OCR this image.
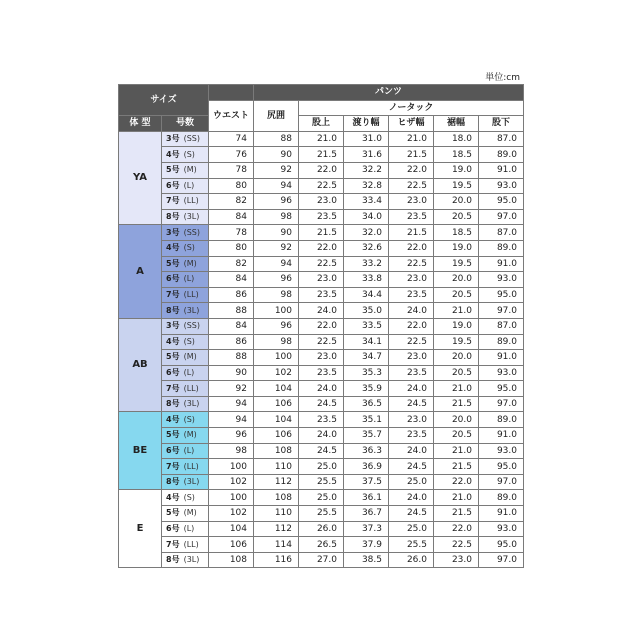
単位:cm
サイズ			パンツ					
		ウエスト	尻囲	ノータック				
体 型	号数			股上	渡り幅	ヒザ幅	裾幅	股下
YA	3号 (SS)	74	88	21.0	31.0	21.0	18.0	87.0
	4号 (S)	76	90	21.5	31.6	21.5	18.5	89.0
	5号 (M)	78	92	22.0	32.2	22.0	19.0	91.0
	6号 (L)	80	94	22.5	32.8	22.5	19.5	93.0
	7号 (LL)	82	96	23.0	33.4	23.0	20.0	95.0
	8号 (3L)	84	98	23.5	34.0	23.5	20.5	97.0
A	3号 (SS)	78	90	21.5	32.0	21.5	18.5	87.0
	4号 (S)	80	92	22.0	32.6	22.0	19.0	89.0
	5号 (M)	82	94	22.5	33.2	22.5	19.5	91.0
	6号 (L)	84	96	23.0	33.8	23.0	20.0	93.0
	7号 (LL)	86	98	23.5	34.4	23.5	20.5	95.0
	8号 (3L)	88	100	24.0	35.0	24.0	21.0	97.0
AB	3号 (SS)	84	96	22.0	33.5	22.0	19.0	87.0
	4号 (S)	86	98	22.5	34.1	22.5	19.5	89.0
	5号 (M)	88	100	23.0	34.7	23.0	20.0	91.0
	6号 (L)	90	102	23.5	35.3	23.5	20.5	93.0
	7号 (LL)	92	104	24.0	35.9	24.0	21.0	95.0
	8号 (3L)	94	106	24.5	36.5	24.5	21.5	97.0
BE	4号 (S)	94	104	23.5	35.1	23.0	20.0	89.0
	5号 (M)	96	106	24.0	35.7	23.5	20.5	91.0
	6号 (L)	98	108	24.5	36.3	24.0	21.0	93.0
	7号 (LL)	100	110	25.0	36.9	24.5	21.5	95.0
	8号 (3L)	102	112	25.5	37.5	25.0	22.0	97.0
E	4号 (S)	100	108	25.0	36.1	24.0	21.0	89.0
	5号 (M)	102	110	25.5	36.7	24.5	21.5	91.0
	6号 (L)	104	112	26.0	37.3	25.0	22.0	93.0
	7号 (LL)	106	114	26.5	37.9	25.5	22.5	95.0
	8号 (3L)	108	116	27.0	38.5	26.0	23.0	97.0
